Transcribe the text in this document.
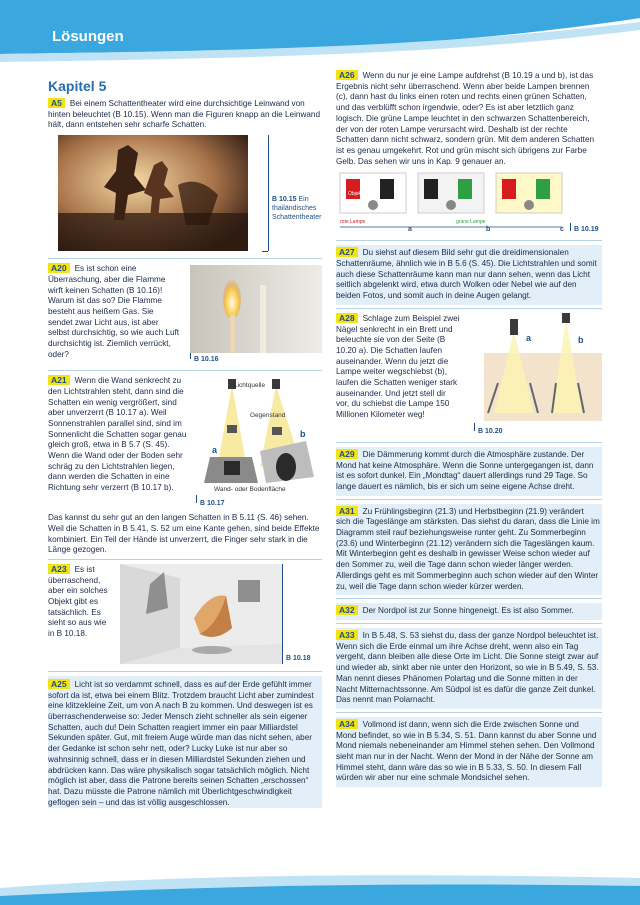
Lösungen
Kapitel 5

A5 Bei einem Schattentheater wird eine durchsichtige Leinwand von hinten beleuchtet (B 10.15). Wenn man die Figuren knapp an die Leinwand hält, dann entstehen sehr scharfe Schatten.

B 10.15 Ein thailändisches Schattentheater

A20 Es ist schon eine Überraschung, aber die Flamme wirft keinen Schatten (B 10.16)! Warum ist das so? Die Flamme besteht aus heißem Gas. Sie sendet zwar Licht aus, ist aber selbst durchsichtig, so wie auch Luft durchsichtig ist. Ziemlich verrückt, oder?

B 10.16

A21 Wenn die Wand senkrecht zu den Lichtstrahlen steht, dann sind die Schatten ein wenig vergrößert, sind aber unverzerrt (B 10.17 a). Weil Sonnenstrahlen parallel sind, sind im Sonnenlicht die Schatten sogar genau gleich groß, etwa in B 5.7 (S. 45). Wenn die Wand oder der Boden sehr schräg zu den Lichtstrahlen liegen, dann werden die Schatten in eine Richtung sehr verzerrt (B 10.17 b).

Lichtquelle
Gegenstand
a
b
Wand- oder Bodenfläche
B 10.17

Das kannst du sehr gut an den langen Schatten in B 5.11 (S. 46) sehen. Weil die Schatten in B 5.41, S. 52 um eine Kante gehen, sind beide Effekte kombiniert. Ein Teil der Hände ist unverzerrt, die Finger sehr stark in die Länge gezogen.

A23 Es ist überraschend, aber ein solches Objekt gibt es tatsächlich. Es sieht so aus wie in B 10.18.

B 10.18

A25 Licht ist so verdammt schnell, dass es auf der Erde gefühlt immer sofort da ist, etwa bei einem Blitz. Trotzdem braucht Licht aber zumindest eine klitzekleine Zeit, um von A nach B zu kommen. Und deswegen ist es überraschenderweise so: Jeder Mensch zieht schneller als sein eigener Schatten, auch du! Dein Schatten reagiert immer ein paar Milliardstel Sekunden später. Gut, mit freiem Auge würde man das nicht sehen, aber der Gedanke ist schon sehr nett, oder? Lucky Luke ist nur aber so wahnsinnig schnell, dass er in diesen Milliardstel Sekunden ziehen und abdrücken kann. Das wäre physikalisch sogar tatsächlich möglich. Nicht möglich ist aber, dass die Patrone bereits seinen Schatten „erschossen“ hat. Dazu müsste die Patrone nämlich mit Überlichtgeschwindigkeit geflogen sein – und das ist völlig ausgeschlossen.

A26 Wenn du nur je eine Lampe aufdrehst (B 10.19 a und b), ist das Ergebnis nicht sehr überraschend. Wenn aber beide Lampen brennen (c), dann hast du links einen roten und rechts einen grünen Schatten, und das verblüfft schon irgendwie, oder? Es ist aber letztlich ganz logisch. Die grüne Lampe leuchtet in den schwarzen Schattenbereich, der von der roten Lampe verursacht wird. Deshalb ist der rechte Schatten dann nicht schwarz, sondern grün. Mit dem anderen Schatten ist es genau umgekehrt. Rot und grün mischt sich übrigens zur Farbe Gelb. Das sehen wir uns in Kap. 9 genauer an.

Objekt
rote Lampe	grüne Lampe
a	b	c B 10.19

A27 Du siehst auf diesem Bild sehr gut die dreidimensionalen Schattenräume, ähnlich wie in B 5.6 (S. 45). Die Lichtstrahlen und somit auch diese Schattenräume kann man nur dann sehen, wenn das Licht seitlich abgelenkt wird, etwa durch Wolken oder Nebel wie auf den beiden Fotos, und somit auch in deine Augen gelangt.

A28 Schlage zum Beispiel zwei Nägel senkrecht in ein Brett und beleuchte sie von der Seite (B 10.20 a). Die Schatten laufen auseinander. Wenn du jetzt die Lampe weiter wegschiebst (b), laufen die Schatten weniger stark auseinander. Und jetzt stell dir vor, du schiebst die Lampe 150 Millionen Kilometer weg!

a	b
B 10.20

A29 Die Dämmerung kommt durch die Atmosphäre zustande. Der Mond hat keine Atmosphäre. Wenn die Sonne untergegangen ist, dann ist es sofort dunkel. Ein „Mondtag“ dauert allerdings rund 29 Tage. So lange dauert es nämlich, bis er sich um seine eigene Achse dreht.

A31 Zu Frühlingsbeginn (21.3) und Herbstbeginn (21.9) verändert sich die Tageslänge am stärksten. Das siehst du daran, dass die Linie im Diagramm steil rauf beziehungsweise runter geht. Zu Sommerbeginn (23.6) und Winterbeginn (21.12) verändern sich die Tageslängen kaum. Mit Winterbeginn geht es deshalb in gewisser Weise schon wieder auf den Sommer zu, weil die Tage dann schon wieder länger werden. Allerdings geht es mit Sommerbeginn auch schon wieder auf den Winter zu, weil die Tage dann schon wieder kürzer werden.

A32 Der Nordpol ist zur Sonne hingeneigt. Es ist also Sommer.

A33 In B 5.48, S. 53 siehst du, dass der ganze Nordpol beleuchtet ist. Wenn sich die Erde einmal um ihre Achse dreht, wenn also ein Tag vergeht, dann bleiben alle diese Orte im Licht. Die Sonne steigt zwar auf und wieder ab, sinkt aber nie unter den Horizont, so wie in B 5.49, S. 53. Man nennt dieses Phänomen Polartag und die Sonne mitten in der Nacht Mitternachtssonne. Am Südpol ist es dafür die ganze Zeit dunkel. Das nennt man Polarnacht.

A34 Vollmond ist dann, wenn sich die Erde zwischen Sonne und Mond befindet, so wie in B 5.34, S. 51. Dann kannst du aber Sonne und Mond niemals nebeneinander am Himmel stehen sehen. Den Vollmond sieht man nur in der Nacht. Wenn der Mond in der Nähe der Sonne am Himmel steht, dann wäre das so wie in B 5.33, S. 50. In diesem Fall würden wir aber nur eine schmale Mondsichel sehen.
